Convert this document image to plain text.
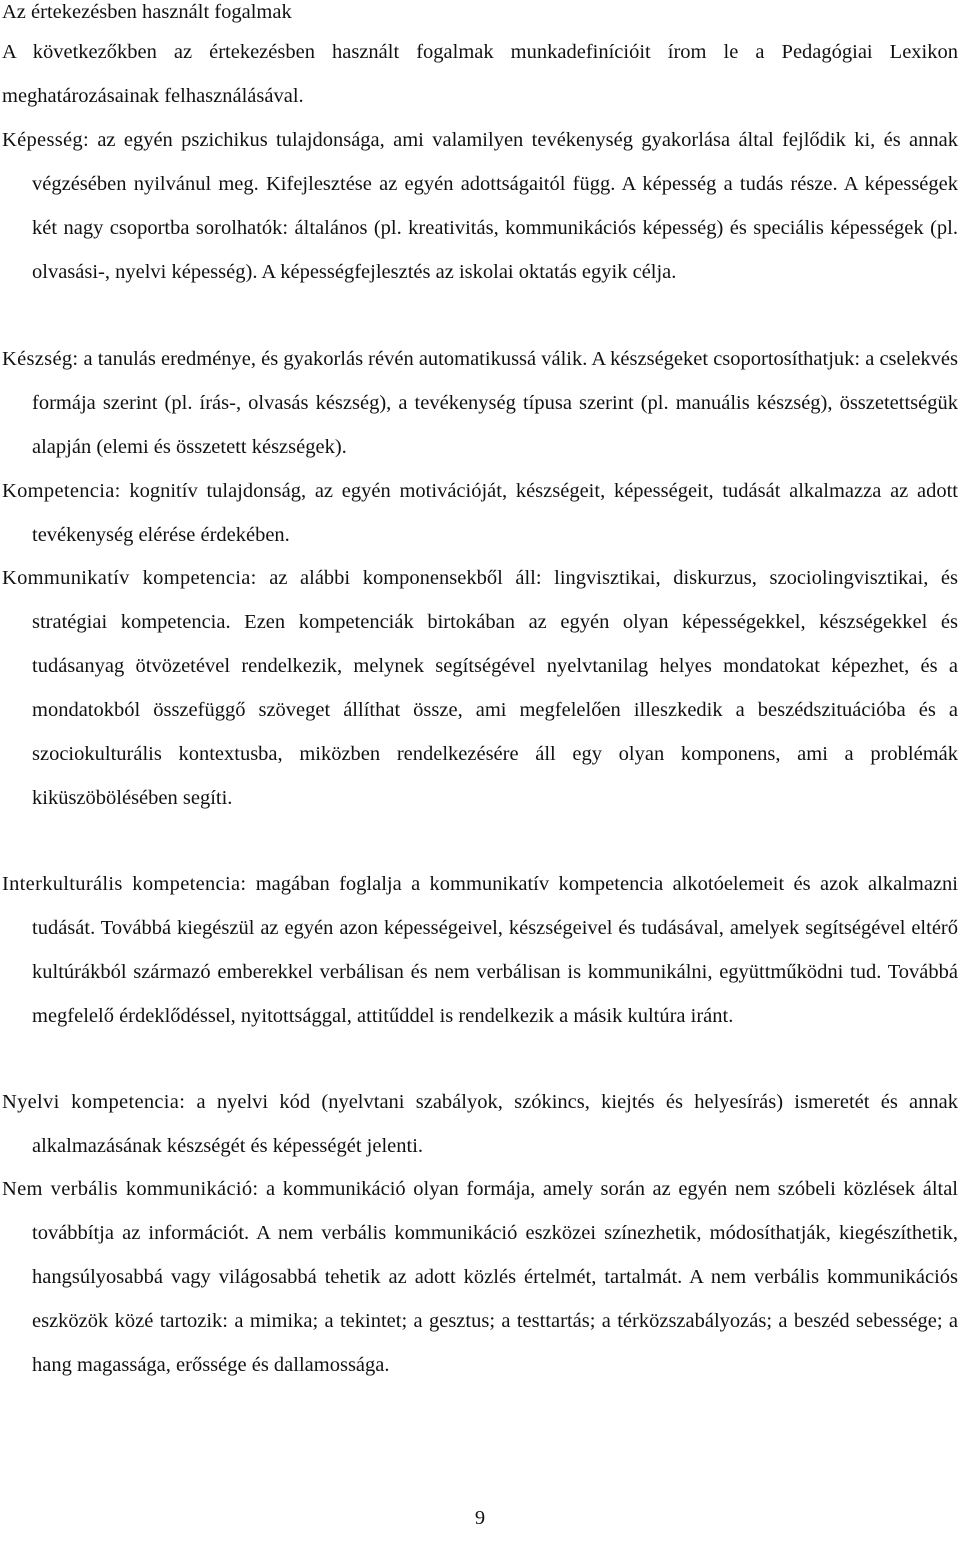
Az értekezésben használt fogalmak

A következőkben az értekezésben használt fogalmak munkadefinícióit írom le a Pedagógiai Lexikon meghatározásainak felhasználásával.

Képesség: az egyén pszichikus tulajdonsága, ami valamilyen tevékenység gyakorlása által fejlődik ki, és annak végzésében nyilvánul meg. Kifejlesztése az egyén adottságaitól függ. A képesség a tudás része. A képességek két nagy csoportba sorolhatók: általános (pl. kreativitás, kommunikációs képesség) és speciális képességek (pl. olvasási-, nyelvi képesség). A képességfejlesztés az iskolai oktatás egyik célja.

Készség: a tanulás eredménye, és gyakorlás révén automatikussá válik. A készségeket csoportosíthatjuk: a cselekvés formája szerint (pl. írás-, olvasás készség), a tevékenység típusa szerint (pl. manuális készség), összetettségük alapján (elemi és összetett készségek).

Kompetencia: kognitív tulajdonság, az egyén motivációját, készségeit, képességeit, tudását alkalmazza az adott tevékenység elérése érdekében.

Kommunikatív kompetencia: az alábbi komponensekből áll: lingvisztikai, diskurzus, szociolingvisztikai, és stratégiai kompetencia. Ezen kompetenciák birtokában az egyén olyan képességekkel, készségekkel és tudásanyag ötvözetével rendelkezik, melynek segítségével nyelvtanilag helyes mondatokat képezhet, és a mondatokból összefüggő szöveget állíthat össze, ami megfelelően illeszkedik a beszédszituációba és a szociokulturális kontextusba, miközben rendelkezésére áll egy olyan komponens, ami a problémák kiküszöbölésében segíti.

Interkulturális kompetencia: magában foglalja a kommunikatív kompetencia alkotóelemeit és azok alkalmazni tudását. Továbbá kiegészül az egyén azon képességeivel, készségeivel és tudásával, amelyek segítségével eltérő kultúrákból származó emberekkel verbálisan és nem verbálisan is kommunikálni, együttműködni tud. Továbbá megfelelő érdeklődéssel, nyitottsággal, attitűddel is rendelkezik a másik kultúra iránt.

Nyelvi kompetencia: a nyelvi kód (nyelvtani szabályok, szókincs, kiejtés és helyesírás) ismeretét és annak alkalmazásának készségét és képességét jelenti.

Nem verbális kommunikáció: a kommunikáció olyan formája, amely során az egyén nem szóbeli közlések által továbbítja az információt. A nem verbális kommunikáció eszközei színezhetik, módosíthatják, kiegészíthetik, hangsúlyosabbá vagy világosabbá tehetik az adott közlés értelmét, tartalmát. A nem verbális kommunikációs eszközök közé tartozik: a mimika; a tekintet; a gesztus; a testtartás; a térközszabályozás; a beszéd sebessége; a hang magassága, erőssége és dallamossága.

9
